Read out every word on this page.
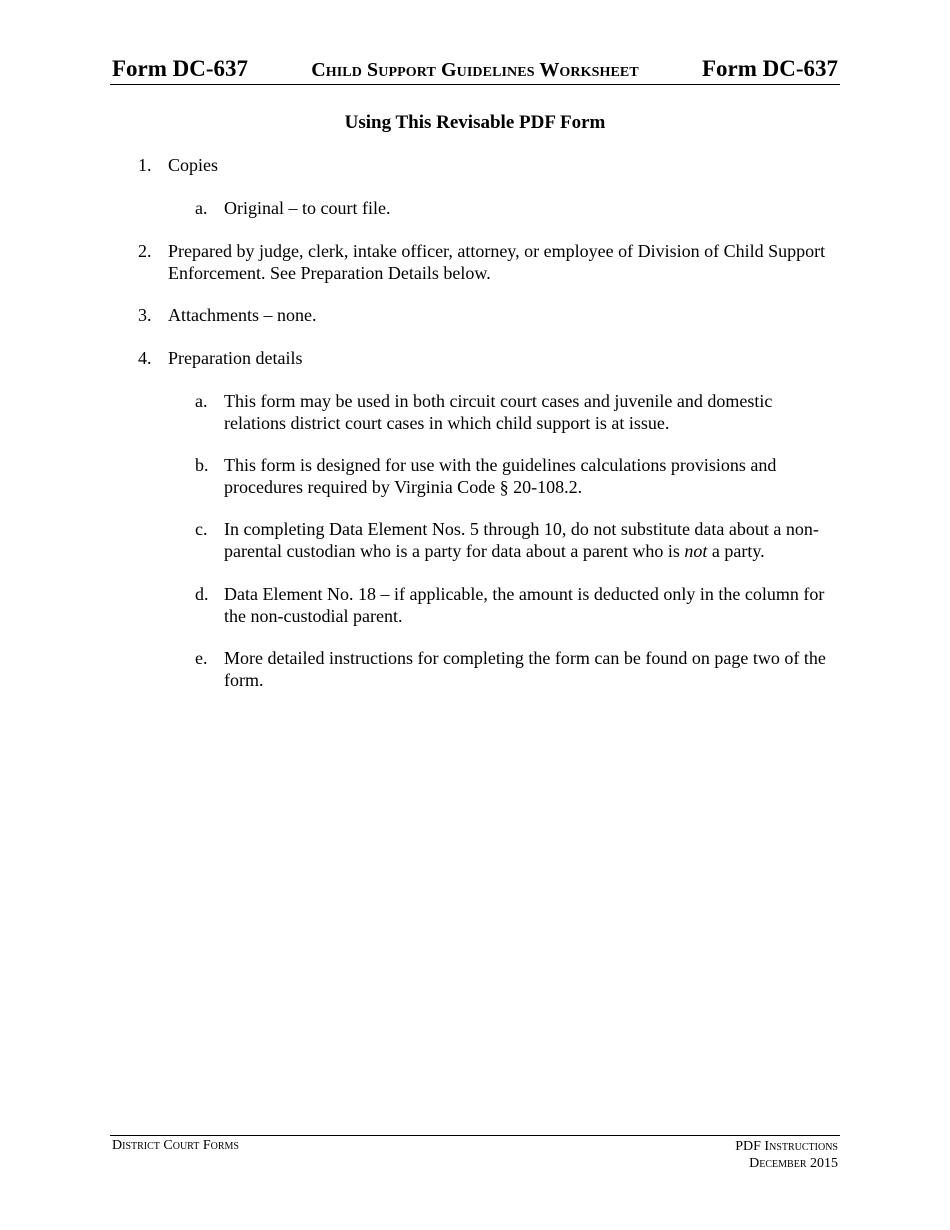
Form DC-637	Child Support Guidelines Worksheet	Form DC-637
Using This Revisable PDF Form
1. Copies
a. Original – to court file.
2. Prepared by judge, clerk, intake officer, attorney, or employee of Division of Child Support Enforcement. See Preparation Details below.
3. Attachments – none.
4. Preparation details
a. This form may be used in both circuit court cases and juvenile and domestic relations district court cases in which child support is at issue.
b. This form is designed for use with the guidelines calculations provisions and procedures required by Virginia Code § 20-108.2.
c. In completing Data Element Nos. 5 through 10, do not substitute data about a non-parental custodian who is a party for data about a parent who is not a party.
d. Data Element No. 18 – if applicable, the amount is deducted only in the column for the non-custodial parent.
e. More detailed instructions for completing the form can be found on page two of the form.
District Court Forms	PDF Instructions
December 2015
